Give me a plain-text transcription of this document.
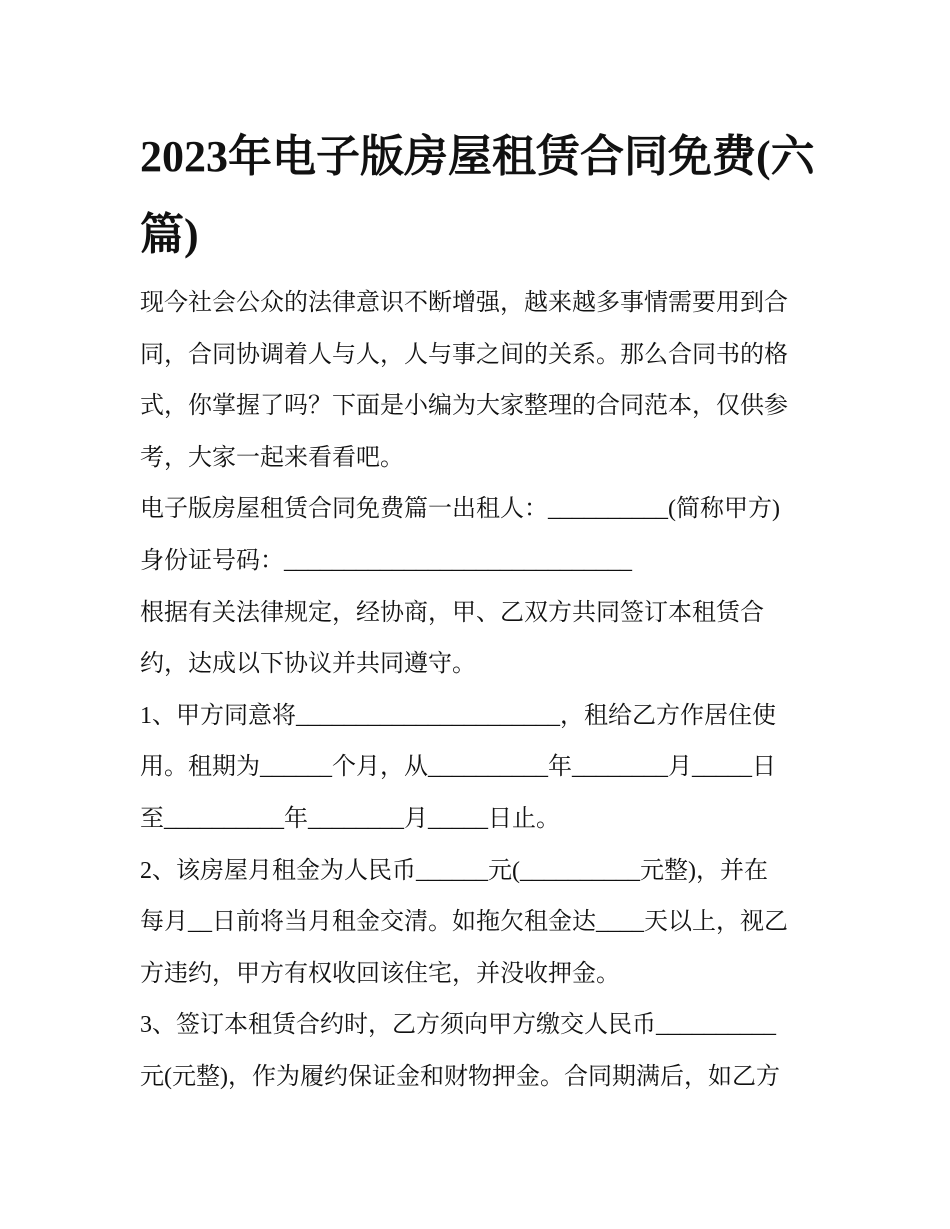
2023年电子版房屋租赁合同免费(六篇)
现今社会公众的法律意识不断增强，越来越多事情需要用到合
同，合同协调着人与人，人与事之间的关系。那么合同书的格
式，你掌握了吗？下面是小编为大家整理的合同范本，仅供参
考，大家一起来看看吧。
电子版房屋租赁合同免费篇一出租人：__________(简称甲方)
身份证号码：_____________________________
根据有关法律规定，经协商，甲、乙双方共同签订本租赁合
约，达成以下协议并共同遵守。
1、甲方同意将______________________，租给乙方作居住使
用。租期为______个月，从__________年________月_____日
至__________年________月_____日止。
2、该房屋月租金为人民币______元(__________元整)，并在
每月__日前将当月租金交清。如拖欠租金达____天以上，视乙
方违约，甲方有权收回该住宅，并没收押金。
3、签订本租赁合约时，乙方须向甲方缴交人民币__________
元(元整)，作为履约保证金和财物押金。合同期满后，如乙方
